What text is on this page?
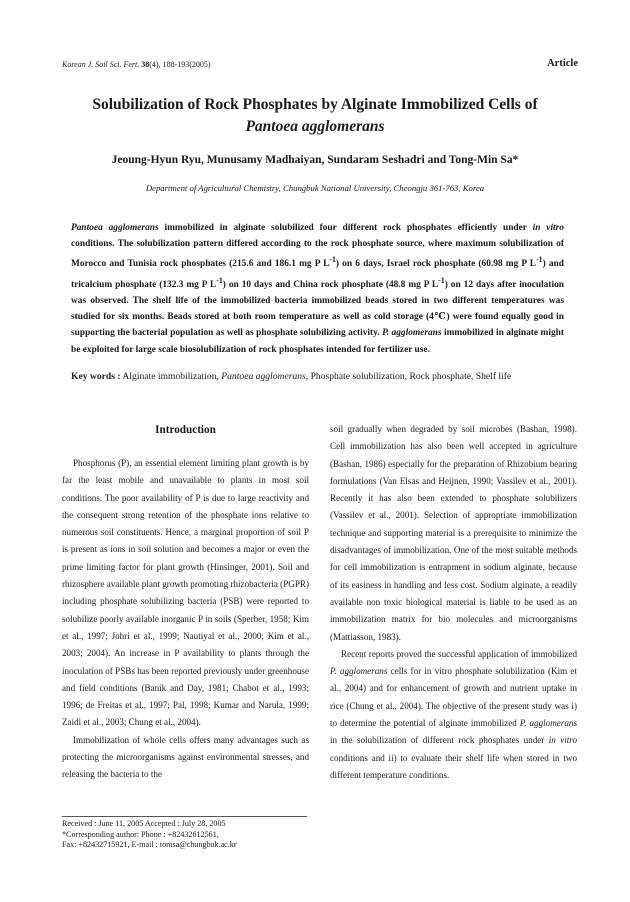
Korean J. Soil Sci. Fert. 38(4), 188-193(2005)	Article
Solubilization of Rock Phosphates by Alginate Immobilized Cells of
Pantoea agglomerans
Jeoung-Hyun Ryu, Munusamy Madhaiyan, Sundaram Seshadri and Tong-Min Sa*
Department of Agricultural Chemistry, Chungbuk National University, Cheongju 361-763, Korea
Pantoea agglomerans immobilized in alginate solubilized four different rock phosphates efficiently under in vitro conditions. The solubilization pattern differed according to the rock phosphate source, where maximum solubilization of Morocco and Tunisia rock phosphates (215.6 and 186.1 mg P $L^{-1}$) on 6 days, Israel rock phosphate (60.98 mg P $L^{-1}$) and tricalcium phosphate (132.3 mg P $L^{-1}$) on 10 days and China rock phosphate (48.8 mg P $L^{-1}$) on 12 days after inoculation was observed. The shelf life of the immobilized bacteria immobilized beads stored in two different temperatures was studied for six months. Beads stored at both room temperature as well as cold storage (4℃) were found equally good in supporting the bacterial population as well as phosphate solubilizing activity. P. agglomerans immobilized in alginate might be exploited for large scale biosolubilization of rock phosphates intended for fertilizer use.
Key words : Alginate immobilization, Pantoea agglomerans, Phosphate solubilization, Rock phosphate, Shelf life
Introduction

Phosphorus (P), an essential element limiting plant growth is by far the least mobile and unavailable to plants in most soil conditions. The poor availability of P is due to large reactivity and the consequent strong retention of the phosphate ions relative to numerous soil constituents. Hence, a marginal proportion of soil P is present as ions in soil solution and becomes a major or even the prime limiting factor for plant growth (Hinsinger, 2001). Soil and rhizosphere available plant growth promoting rhizobacteria (PGPR) including phosphate solubilizing bacteria (PSB) were reported to solubilize poorly available inorganic P in soils (Sperber, 1958; Kim et al., 1997; Johri et al., 1999; Nautiyal et al., 2000; Kim et al., 2003; 2004). An increase in P availability to plants through the inoculation of PSBs has been reported previously under greenhouse and field conditions (Banik and Day, 1981; Chabot et al., 1993; 1996; de Freitas et al., 1997; Pal, 1998; Kumar and Narula, 1999; Zaidi et al., 2003; Chung et al., 2004).

Immobilization of whole cells offers many advantages such as protecting the microorganisms against environmental stresses, and releasing the bacteria to the

soil gradually when degraded by soil microbes (Bashan, 1998). Cell immobilization has also been well accepted in agriculture (Bashan, 1986) especially for the preparation of Rhizobium bearing formulations (Van Elsas and Heijnen, 1990; Vassilev et al., 2001). Recently it has also been extended to phosphate solubilizers (Vassilev et al., 2001). Selection of appropriate immobilization technique and supporting material is a prerequisite to minimize the disadvantages of immobilization. One of the most suitable methods for cell immobilization is entrapment in sodium alginate, because of its easiness in handling and less cost. Sodium alginate, a readily available non toxic biological material is liable to be used as an immobilization matrix for bio molecules and microorganisms (Mattiasson, 1983).

Recent reports proved the successful application of immobilized P. agglomerans cells for in vitro phosphate solubilization (Kim et al., 2004) and for enhancement of growth and nutrient uptake in rice (Chung et al., 2004). The objective of the present study was i) to determine the potential of alginate immobilized P. agglomerans in the solubilization of different rock phosphates under in vitro conditions and ii) to evaluate their shelf life when stored in two different temperature conditions.

Received : June 11, 2005 Accepted : July 28, 2005
*Corresponding author: Phone : +82432612561,
Fax: +82432715921, E-mail : tomsa@chungbuk.ac.kr
